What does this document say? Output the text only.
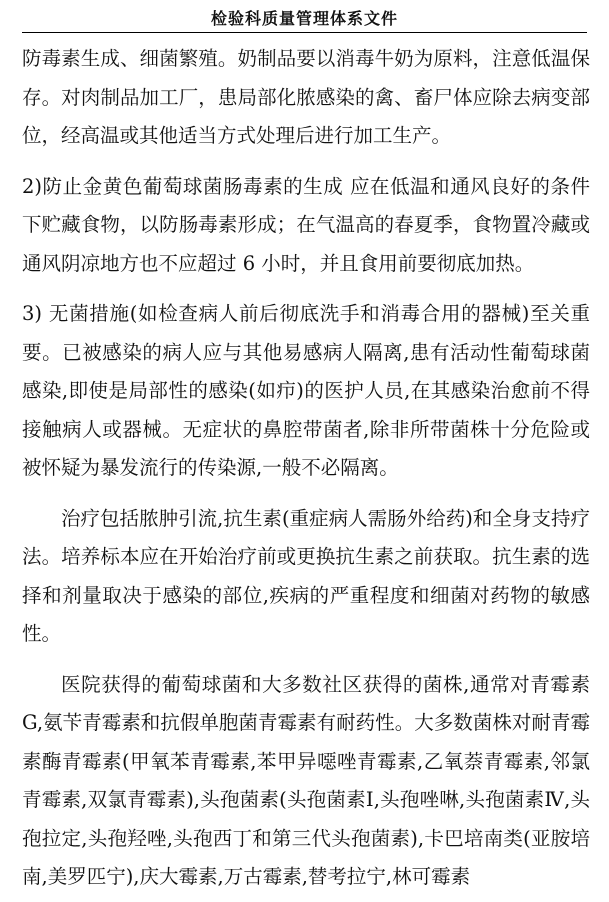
检验科质量管理体系文件

防毒素生成、细菌繁殖。奶制品要以消毒牛奶为原料，注意低温保存。对肉制品加工厂，患局部化脓感染的禽、畜尸体应除去病变部位，经高温或其他适当方式处理后进行加工生产。

2)防止金黄色葡萄球菌肠毒素的生成 应在低温和通风良好的条件下贮藏食物，以防肠毒素形成；在气温高的春夏季，食物置冷藏或通风阴凉地方也不应超过 6 小时，并且食用前要彻底加热。

3) 无菌措施(如检查病人前后彻底洗手和消毒合用的器械)至关重要。已被感染的病人应与其他易感病人隔离,患有活动性葡萄球菌感染,即使是局部性的感染(如疖)的医护人员,在其感染治愈前不得接触病人或器械。无症状的鼻腔带菌者,除非所带菌株十分危险或被怀疑为暴发流行的传染源,一般不必隔离。

治疗包括脓肿引流,抗生素(重症病人需肠外给药)和全身支持疗法。培养标本应在开始治疗前或更换抗生素之前获取。抗生素的选择和剂量取决于感染的部位,疾病的严重程度和细菌对药物的敏感性。

医院获得的葡萄球菌和大多数社区获得的菌株,通常对青霉素G,氨苄青霉素和抗假单胞菌青霉素有耐药性。大多数菌株对耐青霉素酶青霉素(甲氧苯青霉素,苯甲异噁唑青霉素,乙氧萘青霉素,邻氯青霉素,双氯青霉素),头孢菌素(头孢菌素Ⅰ,头孢唑啉,头孢菌素Ⅳ,头孢拉定,头孢羟唑,头孢西丁和第三代头孢菌素),卡巴培南类(亚胺培南,美罗匹宁),庆大霉素,万古霉素,替考拉宁,林可霉素
